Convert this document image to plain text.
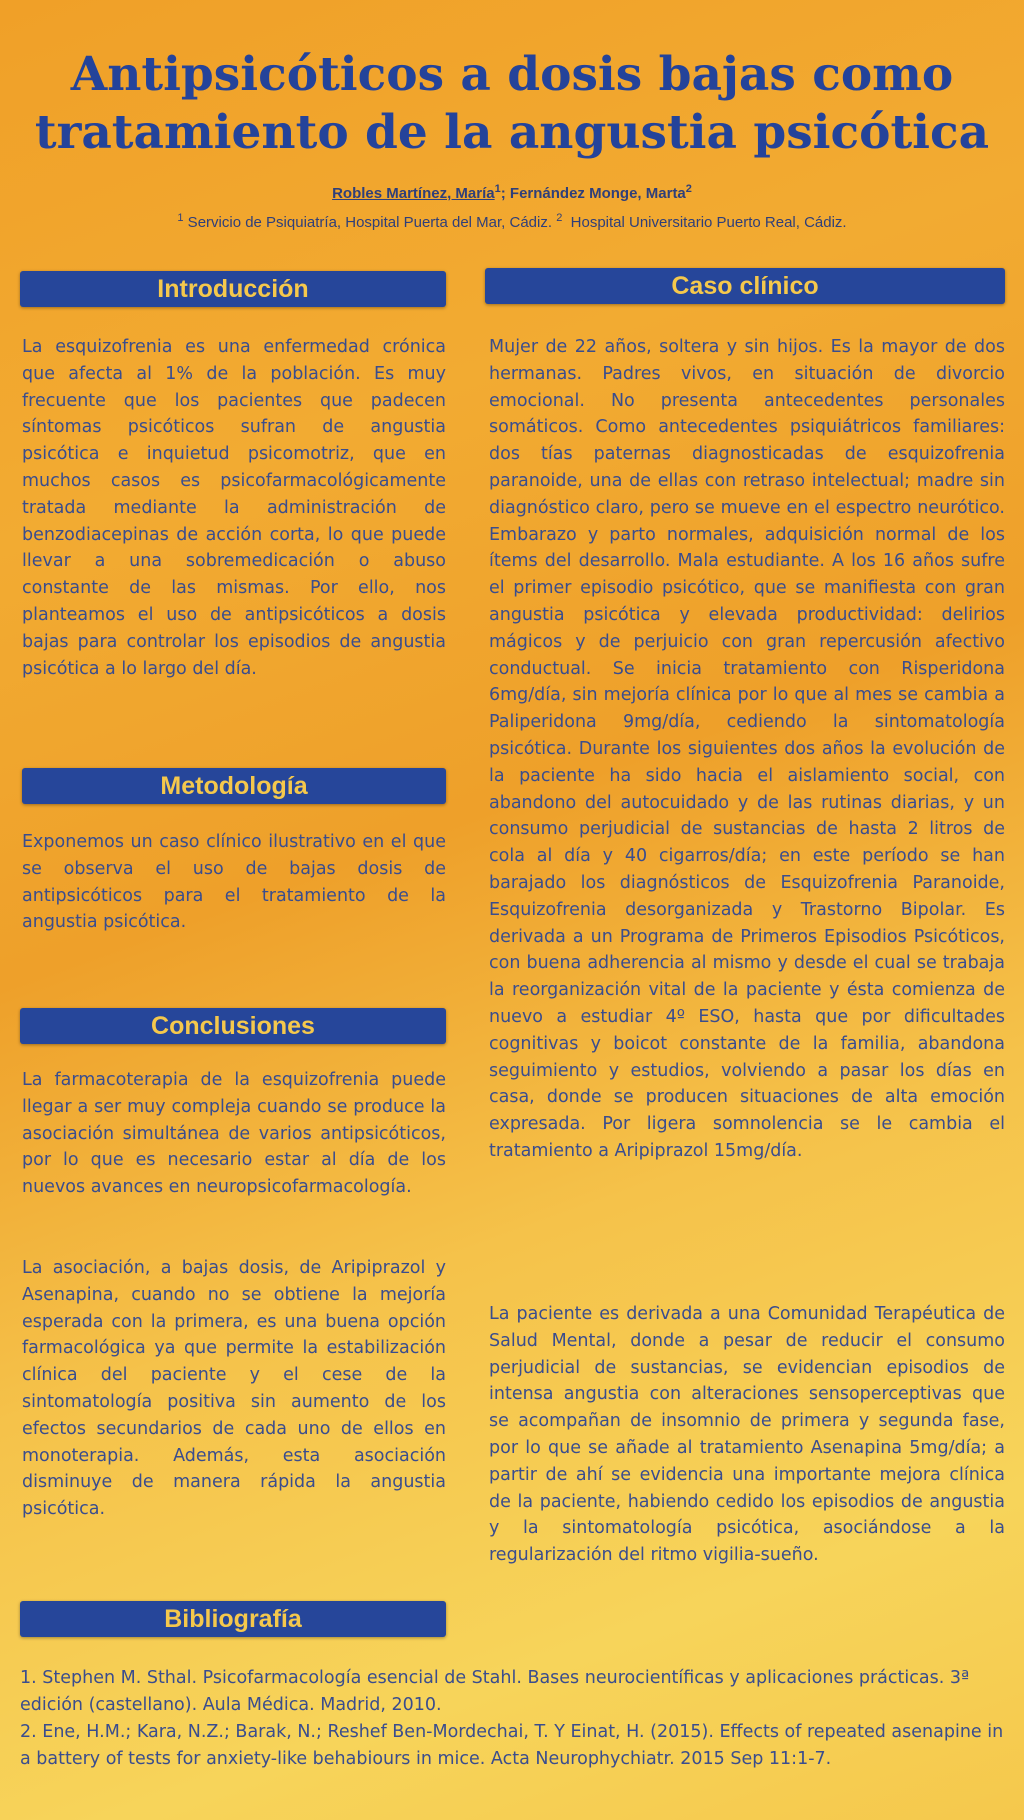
Antipsicóticos a dosis bajas como
tratamiento de la angustia psicótica
Robles Martínez, María$^1$; Fernández Monge, Marta$^2$
$^1$ Servicio de Psiquiatría, Hospital Puerta del Mar, Cádiz. $^2$  Hospital Universitario Puerto Real, Cádiz.
Introducción

La esquizofrenia es una enfermedad crónica que afecta al 1% de la población. Es muy frecuente que los pacientes que padecen síntomas psicóticos sufran de angustia psicótica e inquietud psicomotriz, que en muchos casos es psicofarmacológicamente tratada mediante la administración de benzodiacepinas de acción corta, lo que puede llevar a una sobremedicación o abuso constante de las mismas. Por ello, nos planteamos el uso de antipsicóticos a dosis bajas para controlar los episodios de angustia psicótica a lo largo del día.

Metodología

Exponemos un caso clínico ilustrativo en el que se observa el uso de bajas dosis de antipsicóticos para el tratamiento de la angustia psicótica.

Conclusiones

La farmacoterapia de la esquizofrenia puede llegar a ser muy compleja cuando se produce la asociación simultánea de varios antipsicóticos, por lo que es necesario estar al día de los nuevos avances en neuropsicofarmacología.

La asociación, a bajas dosis, de Aripiprazol y Asenapina, cuando no se obtiene la mejoría esperada con la primera, es una buena opción farmacológica ya que permite la estabilización clínica del paciente y el cese de la sintomatología positiva sin aumento de los efectos secundarios de cada uno de ellos en monoterapia. Además, esta asociación disminuye de manera rápida la angustia psicótica.

Bibliografía
Caso clínico

Mujer de 22 años, soltera y sin hijos. Es la mayor de dos hermanas. Padres vivos, en situación de divorcio emocional. No presenta antecedentes personales somáticos. Como antecedentes psiquiátricos familiares: dos tías paternas diagnosticadas de esquizofrenia paranoide, una de ellas con retraso intelectual; madre sin diagnóstico claro, pero se mueve en el espectro neurótico. Embarazo y parto normales, adquisición normal de los ítems del desarrollo. Mala estudiante. A los 16 años sufre el primer episodio psicótico, que se manifiesta con gran angustia psicótica y elevada productividad: delirios mágicos y de perjuicio con gran repercusión afectivo conductual. Se inicia tratamiento con Risperidona 6mg/día, sin mejoría clínica por lo que al mes se cambia a Paliperidona 9mg/día, cediendo la sintomatología psicótica. Durante los siguientes dos años la evolución de la paciente ha sido hacia el aislamiento social, con abandono del autocuidado y de las rutinas diarias, y un consumo perjudicial de sustancias de hasta 2 litros de cola al día y 40 cigarros/día; en este período se han barajado los diagnósticos de Esquizofrenia Paranoide, Esquizofrenia desorganizada y Trastorno Bipolar. Es derivada a un Programa de Primeros Episodios Psicóticos, con buena adherencia al mismo y desde el cual se trabaja la reorganización vital de la paciente y ésta comienza de nuevo a estudiar 4º ESO, hasta que por dificultades cognitivas y boicot constante de la familia, abandona seguimiento y estudios, volviendo a pasar los días en casa, donde se producen situaciones de alta emoción expresada. Por ligera somnolencia se le cambia el tratamiento a Aripiprazol 15mg/día.

La paciente es derivada a una Comunidad Terapéutica de Salud Mental, donde a pesar de reducir el consumo perjudicial de sustancias, se evidencian episodios de intensa angustia con alteraciones sensoperceptivas que se acompañan de insomnio de primera y segunda fase, por lo que se añade al tratamiento Asenapina 5mg/día; a partir de ahí se evidencia una importante mejora clínica de la paciente, habiendo cedido los episodios de angustia y la sintomatología psicótica, asociándose a la regularización del ritmo vigilia-sueño.

1. Stephen M. Sthal. Psicofarmacología esencial de Stahl. Bases neurocientíficas y aplicaciones prácticas. 3ª edición (castellano). Aula Médica. Madrid, 2010.

2. Ene, H.M.; Kara, N.Z.; Barak, N.; Reshef Ben-Mordechai, T. Y Einat, H. (2015). Effects of repeated asenapine in a battery of tests for anxiety-like behabiours in mice. Acta Neurophychiatr. 2015 Sep 11:1-7.
